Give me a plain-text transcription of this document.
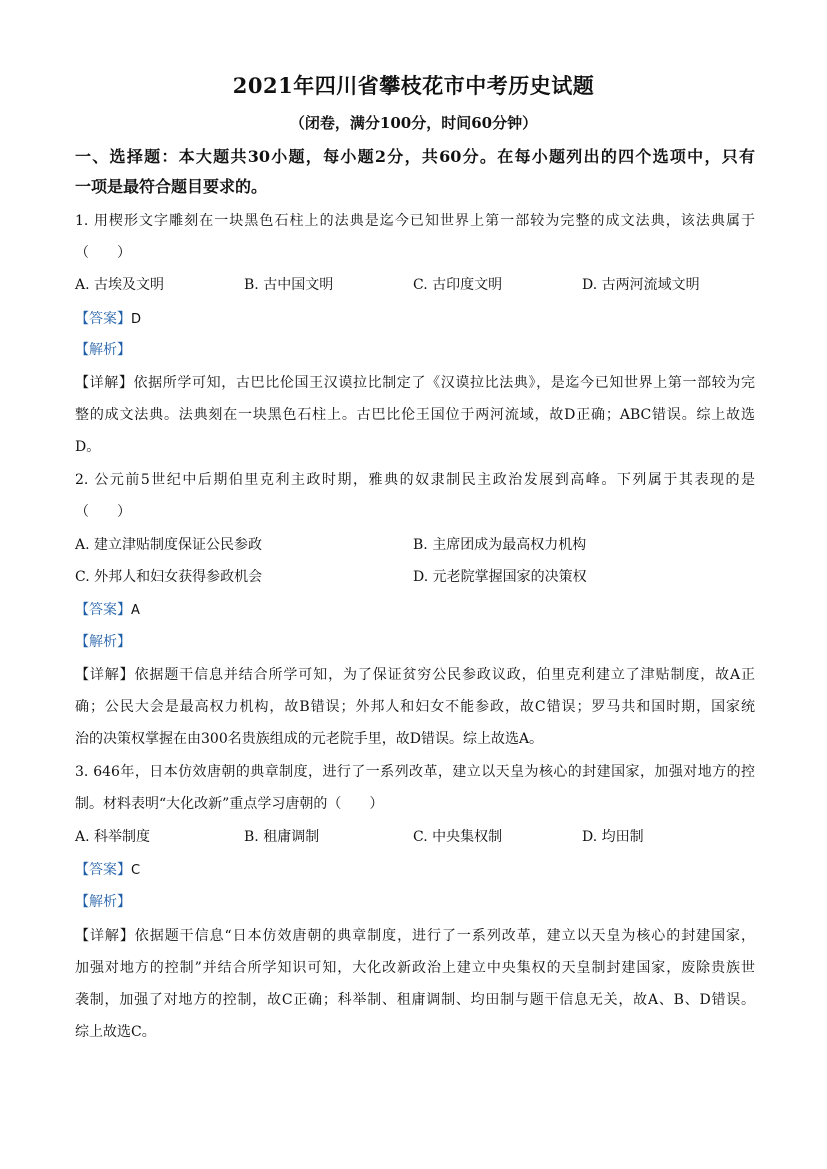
2021年四川省攀枝花市中考历史试题
（闭卷，满分100分，时间60分钟）
一、选择题：本大题共30小题，每小题2分，共60分。在每小题列出的四个选项中，只有
一项是最符合题目要求的。
1. 用楔形文字雕刻在一块黑色石柱上的法典是迄今已知世界上第一部较为完整的成文法典，该法典属于
（　　）
A. 古埃及文明	B. 古中国文明	C. 古印度文明	D. 古两河流域文明
【答案】D
【解析】
【详解】依据所学可知，古巴比伦国王汉谟拉比制定了《汉谟拉比法典》，是迄今已知世界上第一部较为完
整的成文法典。法典刻在一块黑色石柱上。古巴比伦王国位于两河流域，故D正确；ABC错误。综上故选
D。
2. 公元前5世纪中后期伯里克利主政时期，雅典的奴隶制民主政治发展到高峰。下列属于其表现的是
（　　）
A. 建立津贴制度保证公民参政	B. 主席团成为最高权力机构
C. 外邦人和妇女获得参政机会	D. 元老院掌握国家的决策权
【答案】A
【解析】
【详解】依据题干信息并结合所学可知，为了保证贫穷公民参政议政，伯里克利建立了津贴制度，故A正
确；公民大会是最高权力机构，故B错误；外邦人和妇女不能参政，故C错误；罗马共和国时期，国家统
治的决策权掌握在由300名贵族组成的元老院手里，故D错误。综上故选A。
3. 646年，日本仿效唐朝的典章制度，进行了一系列改革，建立以天皇为核心的封建国家，加强对地方的控
制。材料表明“大化改新”重点学习唐朝的（　　）
A. 科举制度	B. 租庸调制	C. 中央集权制	D. 均田制
【答案】C
【解析】
【详解】依据题干信息“日本仿效唐朝的典章制度，进行了一系列改革，建立以天皇为核心的封建国家，
加强对地方的控制”并结合所学知识可知，大化改新政治上建立中央集权的天皇制封建国家，废除贵族世
袭制，加强了对地方的控制，故C正确；科举制、租庸调制、均田制与题干信息无关，故A、B、D错误。
综上故选C。
